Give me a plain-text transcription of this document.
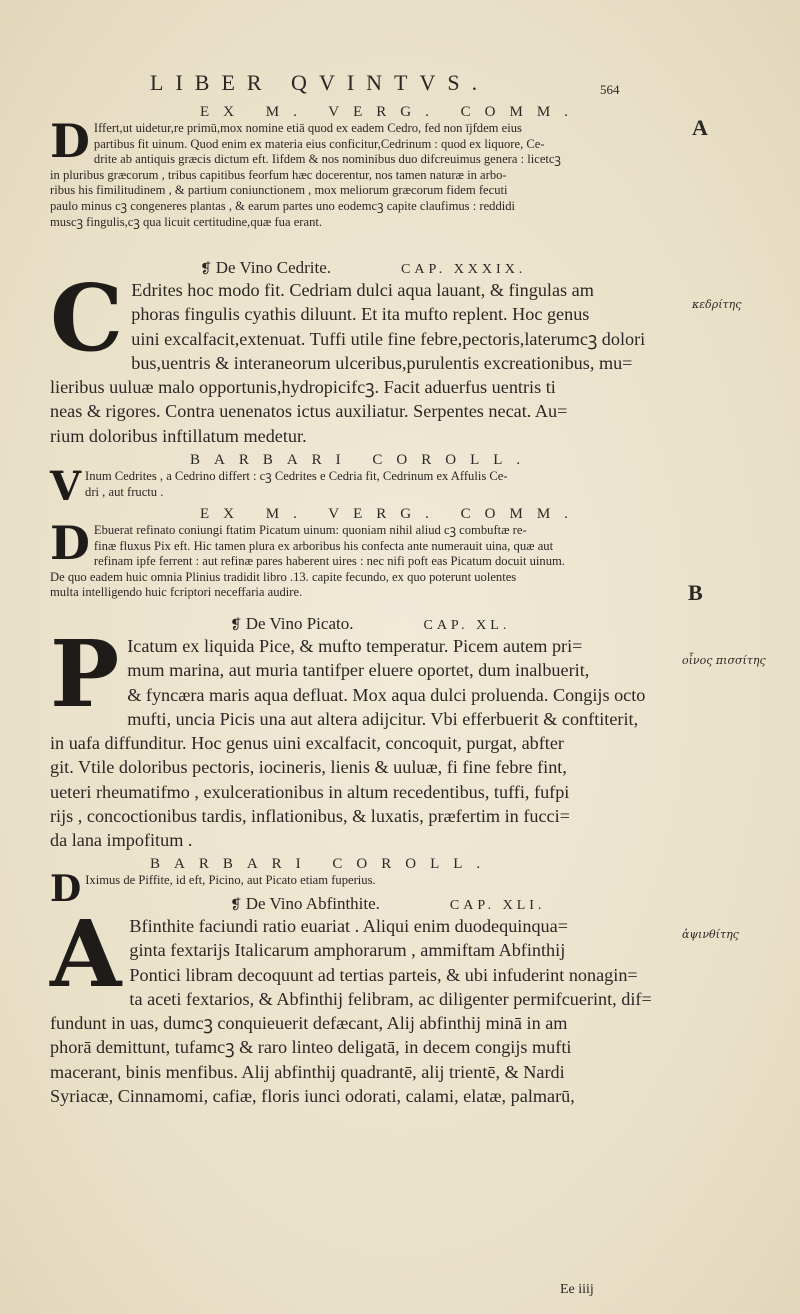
LIBER QVINTVS.	564
A
κεδρίτης
B
οἶνος πισσίτης
ἀψινθίτης
EX M. VERG. COMM.
D Iffert,ut uidetur,re primū,mox nomine etiā quod ex eadem Cedro, fed non ījfdem eius
partibus fit uinum. Quod enim ex materia eius conficitur,Cedrinum : quod ex liquore, Ce-
drite ab antiquis græcis dictum eft. Iifdem & nos nominibus duo difcreuimus genera : licetcꝫ
in pluribus græcorum , tribus capitibus feorfum hæc docerentur, nos tamen naturæ in arbo-
ribus his fimilitudinem , & partium coniunctionem , mox meliorum græcorum fidem fecuti
paulo minus cꝫ congeneres plantas , & earum partes uno eodemcꝫ capite claufimus : reddidi
muscꝫ fingulis,cꝫ qua licuit certitudine,quæ fua erant.
❡ De Vino Cedrite.	CAP. XXXIX.
C Edrites hoc modo fit. Cedriam dulci aqua lauant, & fingulas am
phoras fingulis cyathis diluunt. Et ita mufto replent. Hoc genus
uini excalfacit,extenuat. Tuffi utile fine febre,pectoris,laterumcꝫ dolori
bus,uentris & interaneorum ulceribus,purulentis excreationibus, mu=
lieribus uuluæ malo opportunis,hydropicifcꝫ. Facit aduerfus uentris ti
neas & rigores. Contra uenenatos ictus auxiliatur. Serpentes necat. Au=
rium doloribus inftillatum medetur.
BARBARI COROLL.
V Inum Cedrites , a Cedrino differt : cꝫ Cedrites e Cedria fit, Cedrinum ex Affulis Ce-
dri , aut fructu .
EX M. VERG. COMM.
D Ebuerat refinato coniungi ftatim Picatum uinum: quoniam nihil aliud cꝫ combuftæ re-
finæ fluxus Pix eft. Hic tamen plura ex arboribus his confecta ante numerauit uina, quæ aut
refinam ipfe ferrent : aut refinæ pares haberent uires : nec nifi poft eas Picatum docuit uinum.
De quo eadem huic omnia Plinius tradidit libro .13. capite fecundo, ex quo poterunt uolentes
multa intelligendo huic fcriptori neceffaria audire.
❡ De Vino Picato.	CAP. XL.
P Icatum ex liquida Pice, & mufto temperatur. Picem autem pri=
mum marina, aut muria tantifper eluere oportet, dum inalbuerit,
& fyncæra maris aqua defluat. Mox aqua dulci proluenda. Congijs octo
mufti, uncia Picis una aut altera adijcitur. Vbi efferbuerit & conftiterit,
in uafa diffunditur. Hoc genus uini excalfacit, concoquit, purgat, abfter
git. Vtile doloribus pectoris, iocineris, lienis & uuluæ, fi fine febre fint,
ueteri rheumatifmo , exulcerationibus in altum recedentibus, tuffi, fufpi
rijs , concoctionibus tardis, inflationibus, & luxatis, præfertim in fucci=
da lana impofitum .
BARBARI COROLL.
D Iximus de Piffite, id eft, Picino, aut Picato etiam fuperius.
❡ De Vino Abfinthite.	CAP. XLI.
A Bfinthite faciundi ratio euariat . Aliqui enim duodequinqua=
ginta fextarijs Italicarum amphorarum , ammiftam Abfinthij
Pontici libram decoquunt ad tertias parteis, & ubi infuderint nonagin=
ta aceti fextarios, & Abfinthij felibram, ac diligenter permifcuerint, dif=
fundunt in uas, dumcꝫ conquieuerit defæcant, Alij abfinthij minā in am
phorā demittunt, tufamcꝫ & raro linteo deligatā, in decem congijs mufti
macerant, binis menfibus. Alij abfinthij quadrantē, alij trientē, & Nardi
Syriacæ, Cinnamomi, cafiæ, floris iunci odorati, calami, elatæ, palmarū,
Ee iiij
